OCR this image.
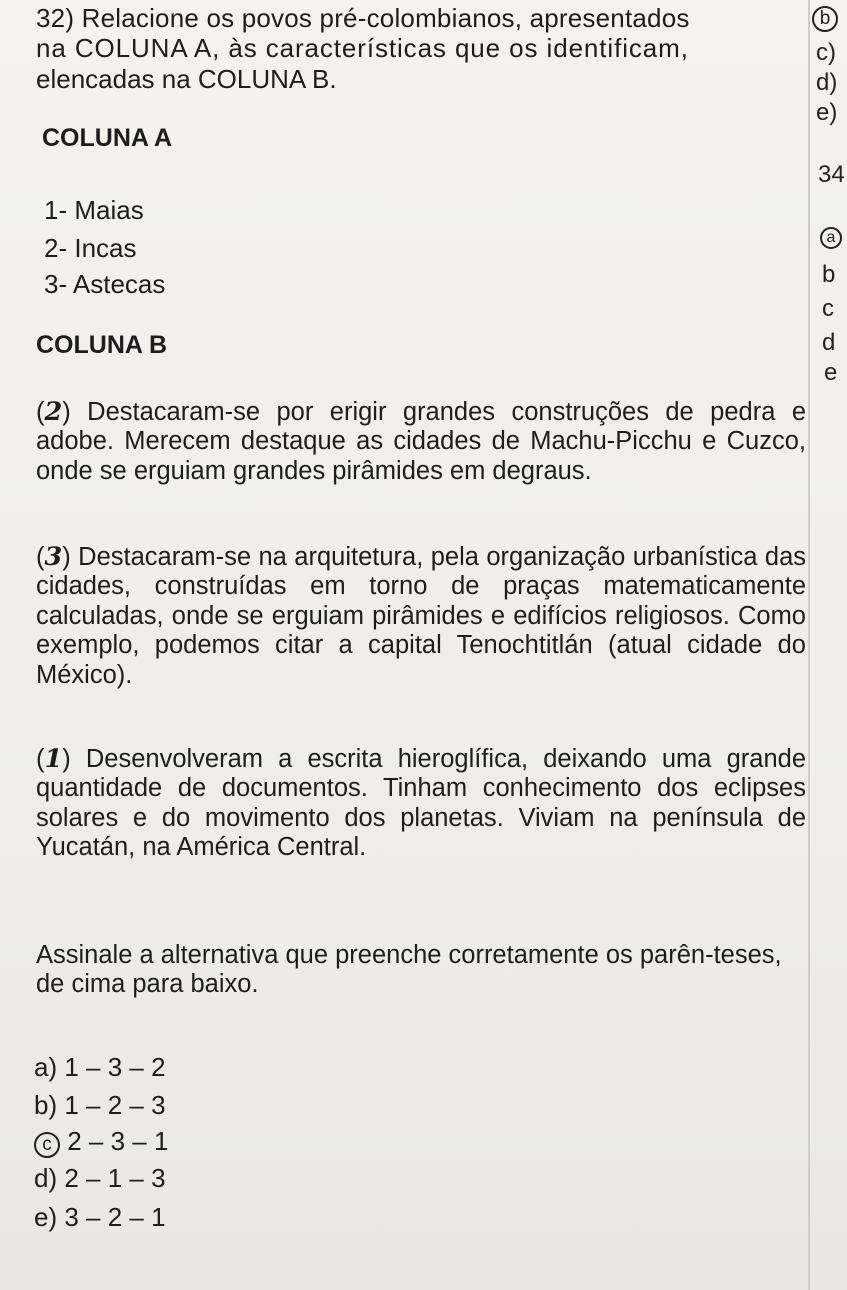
32) Relacione os povos pré-colombianos, apresentados
na COLUNA A, às características que os identificam,
elencadas na COLUNA B.
COLUNA A
1- Maias
2- Incas
3- Astecas
COLUNA B
(2) Destacaram-se por erigir grandes construções de pedra e adobe. Merecem destaque as cidades de Machu-Picchu e Cuzco, onde se erguiam grandes pirâmides em degraus.
(3) Destacaram-se na arquitetura, pela organização urbanística das cidades, construídas em torno de praças matematicamente calculadas, onde se erguiam pirâmides e edifícios religiosos. Como exemplo, podemos citar a capital Tenochtitlán (atual cidade do México).
(1) Desenvolveram a escrita hieroglífica, deixando uma grande quantidade de documentos. Tinham conhecimento dos eclipses solares e do movimento dos planetas. Viviam na península de Yucatán, na América Central.
Assinale a alternativa que preenche corretamente os parên-teses, de cima para baixo.
a) 1 – 3 – 2
b) 1 – 2 – 3
c 2 – 3 – 1
d) 2 – 1 – 3
e) 3 – 2 – 1
b
c)
d)
e)
34
a
b
c
d
e
